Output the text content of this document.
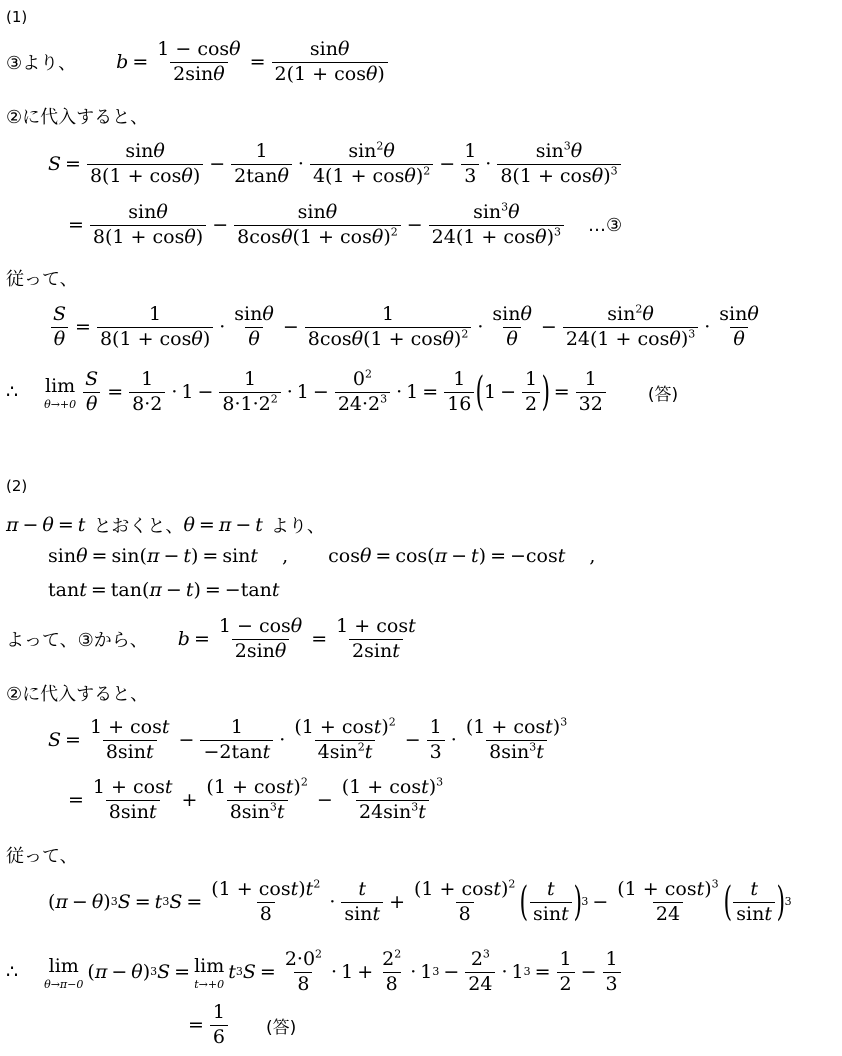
(1)
③より、 $b = \frac{1 - \cos\theta}{2\sin\theta} = \frac{\sin\theta}{2(1 + \cos\theta)}$
②に代入すると、
$S = \frac{\sin\theta}{8(1 + \cos\theta)} - \frac{1}{2\tan\theta} \cdot \frac{\sin^2\theta}{4(1 + \cos\theta)^2} - \frac{1}{3} \cdot \frac{\sin^3\theta}{8(1 + \cos\theta)^3}$
= $\frac{\sin\theta}{8(1 + \cos\theta)} - \frac{\sin\theta}{8\cos\theta(1 + \cos\theta)^2} - \frac{\sin^3\theta}{24(1 + \cos\theta)^3}$ …③
従って、
$\frac{S}{\theta} = \frac{1}{8(1 + \cos\theta)} \cdot \frac{\sin\theta}{\theta} - \frac{1}{8\cos\theta(1 + \cos\theta)^2} \cdot \frac{\sin\theta}{\theta} - \frac{\sin^2\theta}{24(1 + \cos\theta)^3} \cdot \frac{\sin\theta}{\theta}$
∴ lim
$\theta\to+0 \frac{S}{\theta} = \frac{1}{8\cdot 2} \cdot 1 - \frac{1}{8\cdot 1\cdot 2^2} \cdot 1 - \frac{0^2}{24\cdot 2^3} \cdot 1 = \frac{1}{16}$ ( $1 - \frac{1}{2}$ ) = $\frac{1}{32}$ (答)
(2)
π − θ = t とおくと、 θ = π − t より、
sin θ = sin( π − t ) = sin t , cos θ = cos( π − t ) = −cos t ,
tan t = tan( π − t ) = −tan t
よって、③から、 $b = \frac{1 - \cos\theta}{2\sin\theta} = \frac{1 + \cos t}{2\sin t}$
②に代入すると、
$S = \frac{1 + \cos t}{8\sin t} - \frac{1}{-2\tan t} \cdot \frac{(1 + \cos t)^2}{4\sin^2t} - \frac{1}{3} \cdot \frac{(1 + \cos t)^3}{8\sin^3t}$
= $\frac{1 + \cos t}{8\sin t} + \frac{(1 + \cos t)^2}{8\sin^3t} - \frac{(1 + \cos t)^3}{24\sin^3t}$
従って、
( π − θ ) 3 S = t 3 $S = \frac{(1 + \cos t)t^2}{8} \cdot \frac{t}{\sin t} + \frac{(1 + \cos t)^2}{8}$ ( $\frac{t}{\sin t}$ ) $3 - \frac{(1 + \cos t)^3}{24}$ ( $\frac{t}{\sin t}$ ) 3
∴ lim
θ→π−0
( π − θ ) 3 S = lim
t→+0
t 3 $S = \frac{2\cdot 0^2}{8} \cdot 1 + \frac{2^2}{8} \cdot 1$ $3 - \frac{2^3}{24} \cdot 1$ $3 = \frac{1}{2} - \frac{1}{3}$
= $\frac{1}{6}$ (答)
